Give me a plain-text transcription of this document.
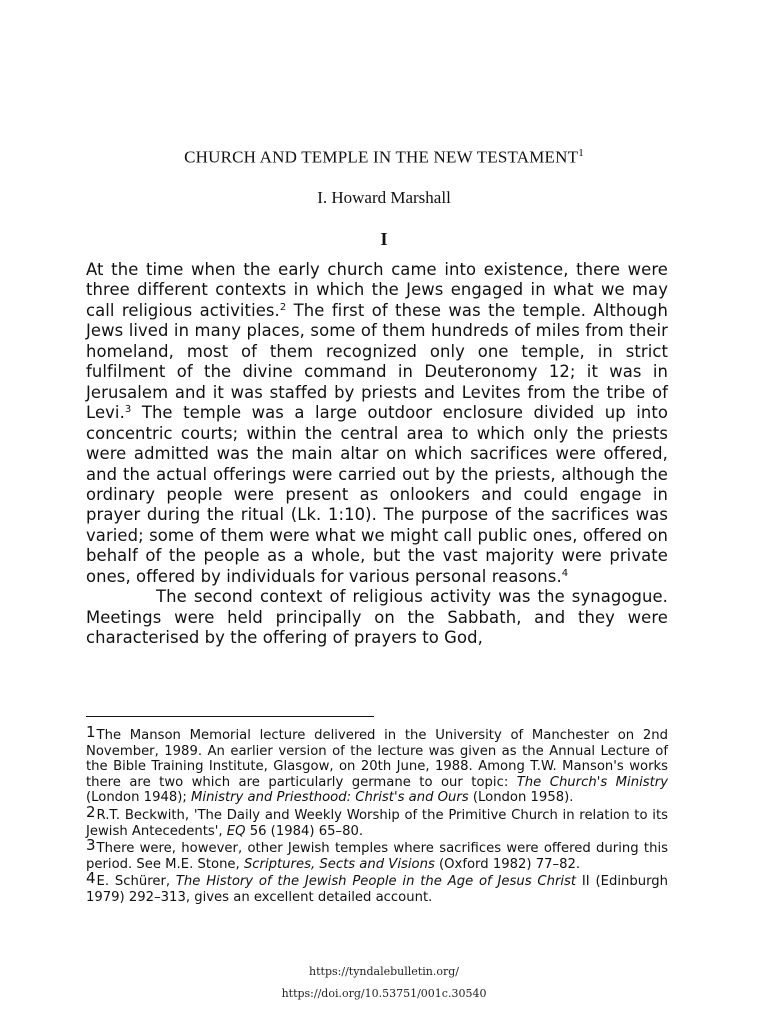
CHURCH AND TEMPLE IN THE NEW TESTAMENT$^1$
I. Howard Marshall
I

At the time when the early church came into existence, there were three different contexts in which the Jews engaged in what we may call religious activities.$^2$ The first of these was the temple. Although Jews lived in many places, some of them hundreds of miles from their homeland, most of them recognized only one temple, in strict fulfilment of the divine command in Deuteronomy 12; it was in Jerusalem and it was staffed by priests and Levites from the tribe of Levi.$^3$ The temple was a large outdoor enclosure divided up into concentric courts; within the central area to which only the priests were admitted was the main altar on which sacrifices were offered, and the actual offerings were carried out by the priests, although the ordinary people were present as onlookers and could engage in prayer during the ritual (Lk. 1:10). The purpose of the sacrifices was varied; some of them were what we might call public ones, offered on behalf of the people as a whole, but the vast majority were private ones, offered by individuals for various personal reasons.$^4$

The second context of religious activity was the synagogue. Meetings were held principally on the Sabbath, and they were characterised by the offering of prayers to God,

1The Manson Memorial lecture delivered in the University of Manchester on 2nd November, 1989. An earlier version of the lecture was given as the Annual Lecture of the Bible Training Institute, Glasgow, on 20th June, 1988. Among T.W. Manson's works there are two which are particularly germane to our topic: The Church's Ministry (London 1948); Ministry and Priesthood: Christ's and Ours (London 1958).

2R.T. Beckwith, 'The Daily and Weekly Worship of the Primitive Church in relation to its Jewish Antecedents', EQ 56 (1984) 65–80.

3There were, however, other Jewish temples where sacrifices were offered during this period. See M.E. Stone, Scriptures, Sects and Visions (Oxford 1982) 77–82.

4E. Schürer, The History of the Jewish People in the Age of Jesus Christ II (Edinburgh 1979) 292–313, gives an excellent detailed account.

https://tyndalebulletin.org/
https://doi.org/10.53751/001c.30540
